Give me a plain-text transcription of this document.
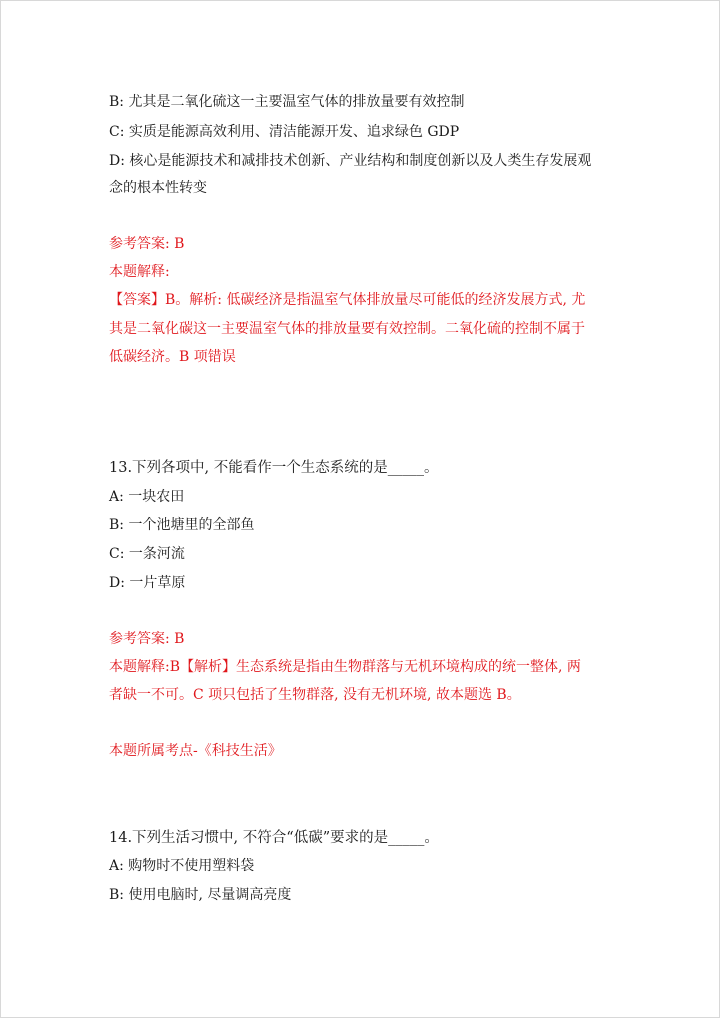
B: 尤其是二氧化硫这一主要温室气体的排放量要有效控制
C: 实质是能源高效利用、清洁能源开发、追求绿色 GDP
D: 核心是能源技术和减排技术创新、产业结构和制度创新以及人类生存发展观
念的根本性转变
参考答案: B
本题解释:
【答案】B。解析: 低碳经济是指温室气体排放量尽可能低的经济发展方式, 尤
其是二氧化碳这一主要温室气体的排放量要有效控制。二氧化硫的控制不属于
低碳经济。B 项错误
13.下列各项中, 不能看作一个生态系统的是_____。
A: 一块农田
B: 一个池塘里的全部鱼
C: 一条河流
D: 一片草原
参考答案: B
本题解释:B【解析】生态系统是指由生物群落与无机环境构成的统一整体, 两
者缺一不可。C 项只包括了生物群落, 没有无机环境, 故本题选 B。
本题所属考点-《科技生活》
14.下列生活习惯中, 不符合“低碳”要求的是_____。
A: 购物时不使用塑料袋
B: 使用电脑时, 尽量调高亮度
